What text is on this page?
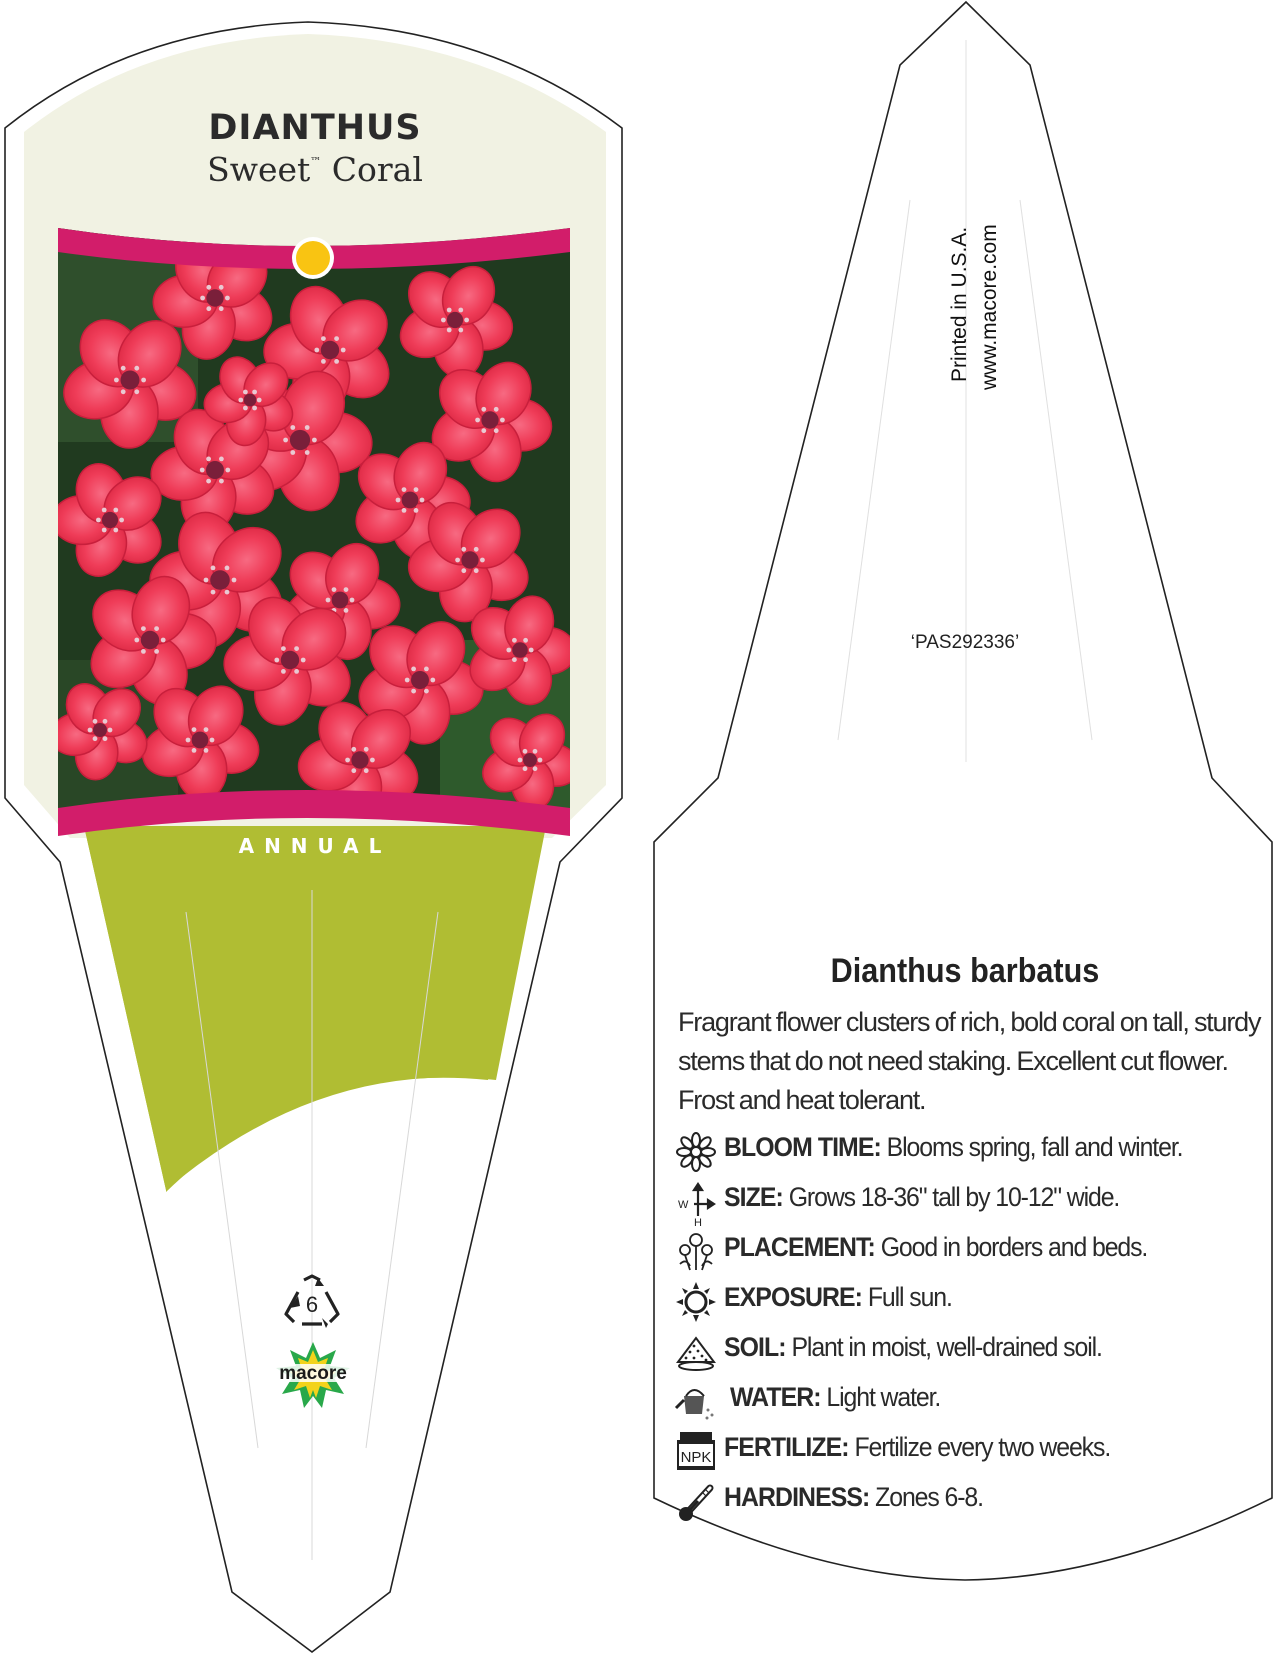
DIANTHUS
Sweet™ Coral
ANNUAL
6
macore
Printed in U.S.A. www.macore.com
‘PAS292336’
Dianthus barbatus
Fragrant flower clusters of rich, bold coral on tall, sturdy stems that do not need staking. Excellent cut flower. Frost and heat tolerant.
BLOOM TIME: Blooms spring, fall and winter.
W
H
SIZE: Grows 18-36" tall by 10-12" wide.
PLACEMENT: Good in borders and beds.
EXPOSURE: Full sun.
SOIL: Plant in moist, well-drained soil.
WATER: Light water.
NPK FERTILIZE: Fertilize every two weeks.
HARDINESS: Zones 6-8.
